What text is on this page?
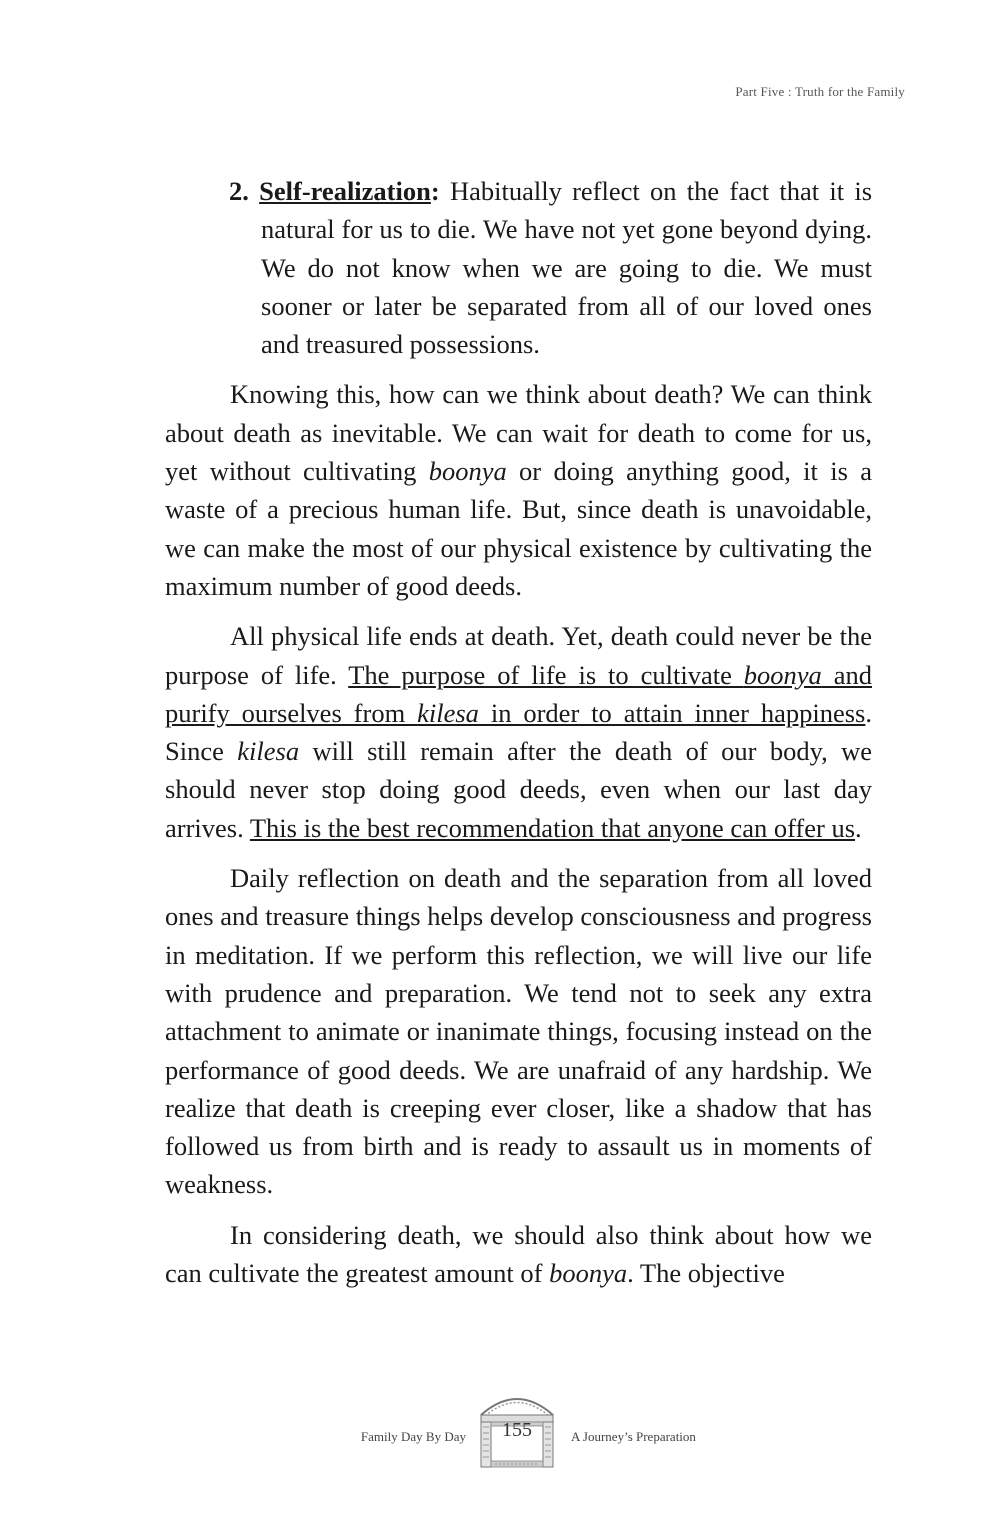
Part Five : Truth for the Family
2. Self-realization: Habitually reflect on the fact that it is natural for us to die. We have not yet gone beyond dying. We do not know when we are going to die. We must sooner or later be separated from all of our loved ones and treasured possessions.

Knowing this, how can we think about death? We can think about death as inevitable. We can wait for death to come for us, yet without cultivating boonya or doing anything good, it is a waste of a precious human life. But, since death is unavoidable, we can make the most of our physical existence by cultivating the maximum number of good deeds.

All physical life ends at death. Yet, death could never be the purpose of life. The purpose of life is to cultivate boonya and purify ourselves from kilesa in order to attain inner happiness. Since kilesa will still remain after the death of our body, we should never stop doing good deeds, even when our last day arrives. This is the best recommendation that anyone can offer us.

Daily reflection on death and the separation from all loved ones and treasure things helps develop consciousness and progress in meditation. If we perform this reflection, we will live our life with prudence and preparation. We tend not to seek any extra attachment to animate or inanimate things, focusing instead on the performance of good deeds. We are unafraid of any hardship. We realize that death is creeping ever closer, like a shadow that has followed us from birth and is ready to assault us in moments of weakness.

In considering death, we should also think about how we can cultivate the greatest amount of boonya. The objective

Family Day By Day	155	A Journey’s Preparation
